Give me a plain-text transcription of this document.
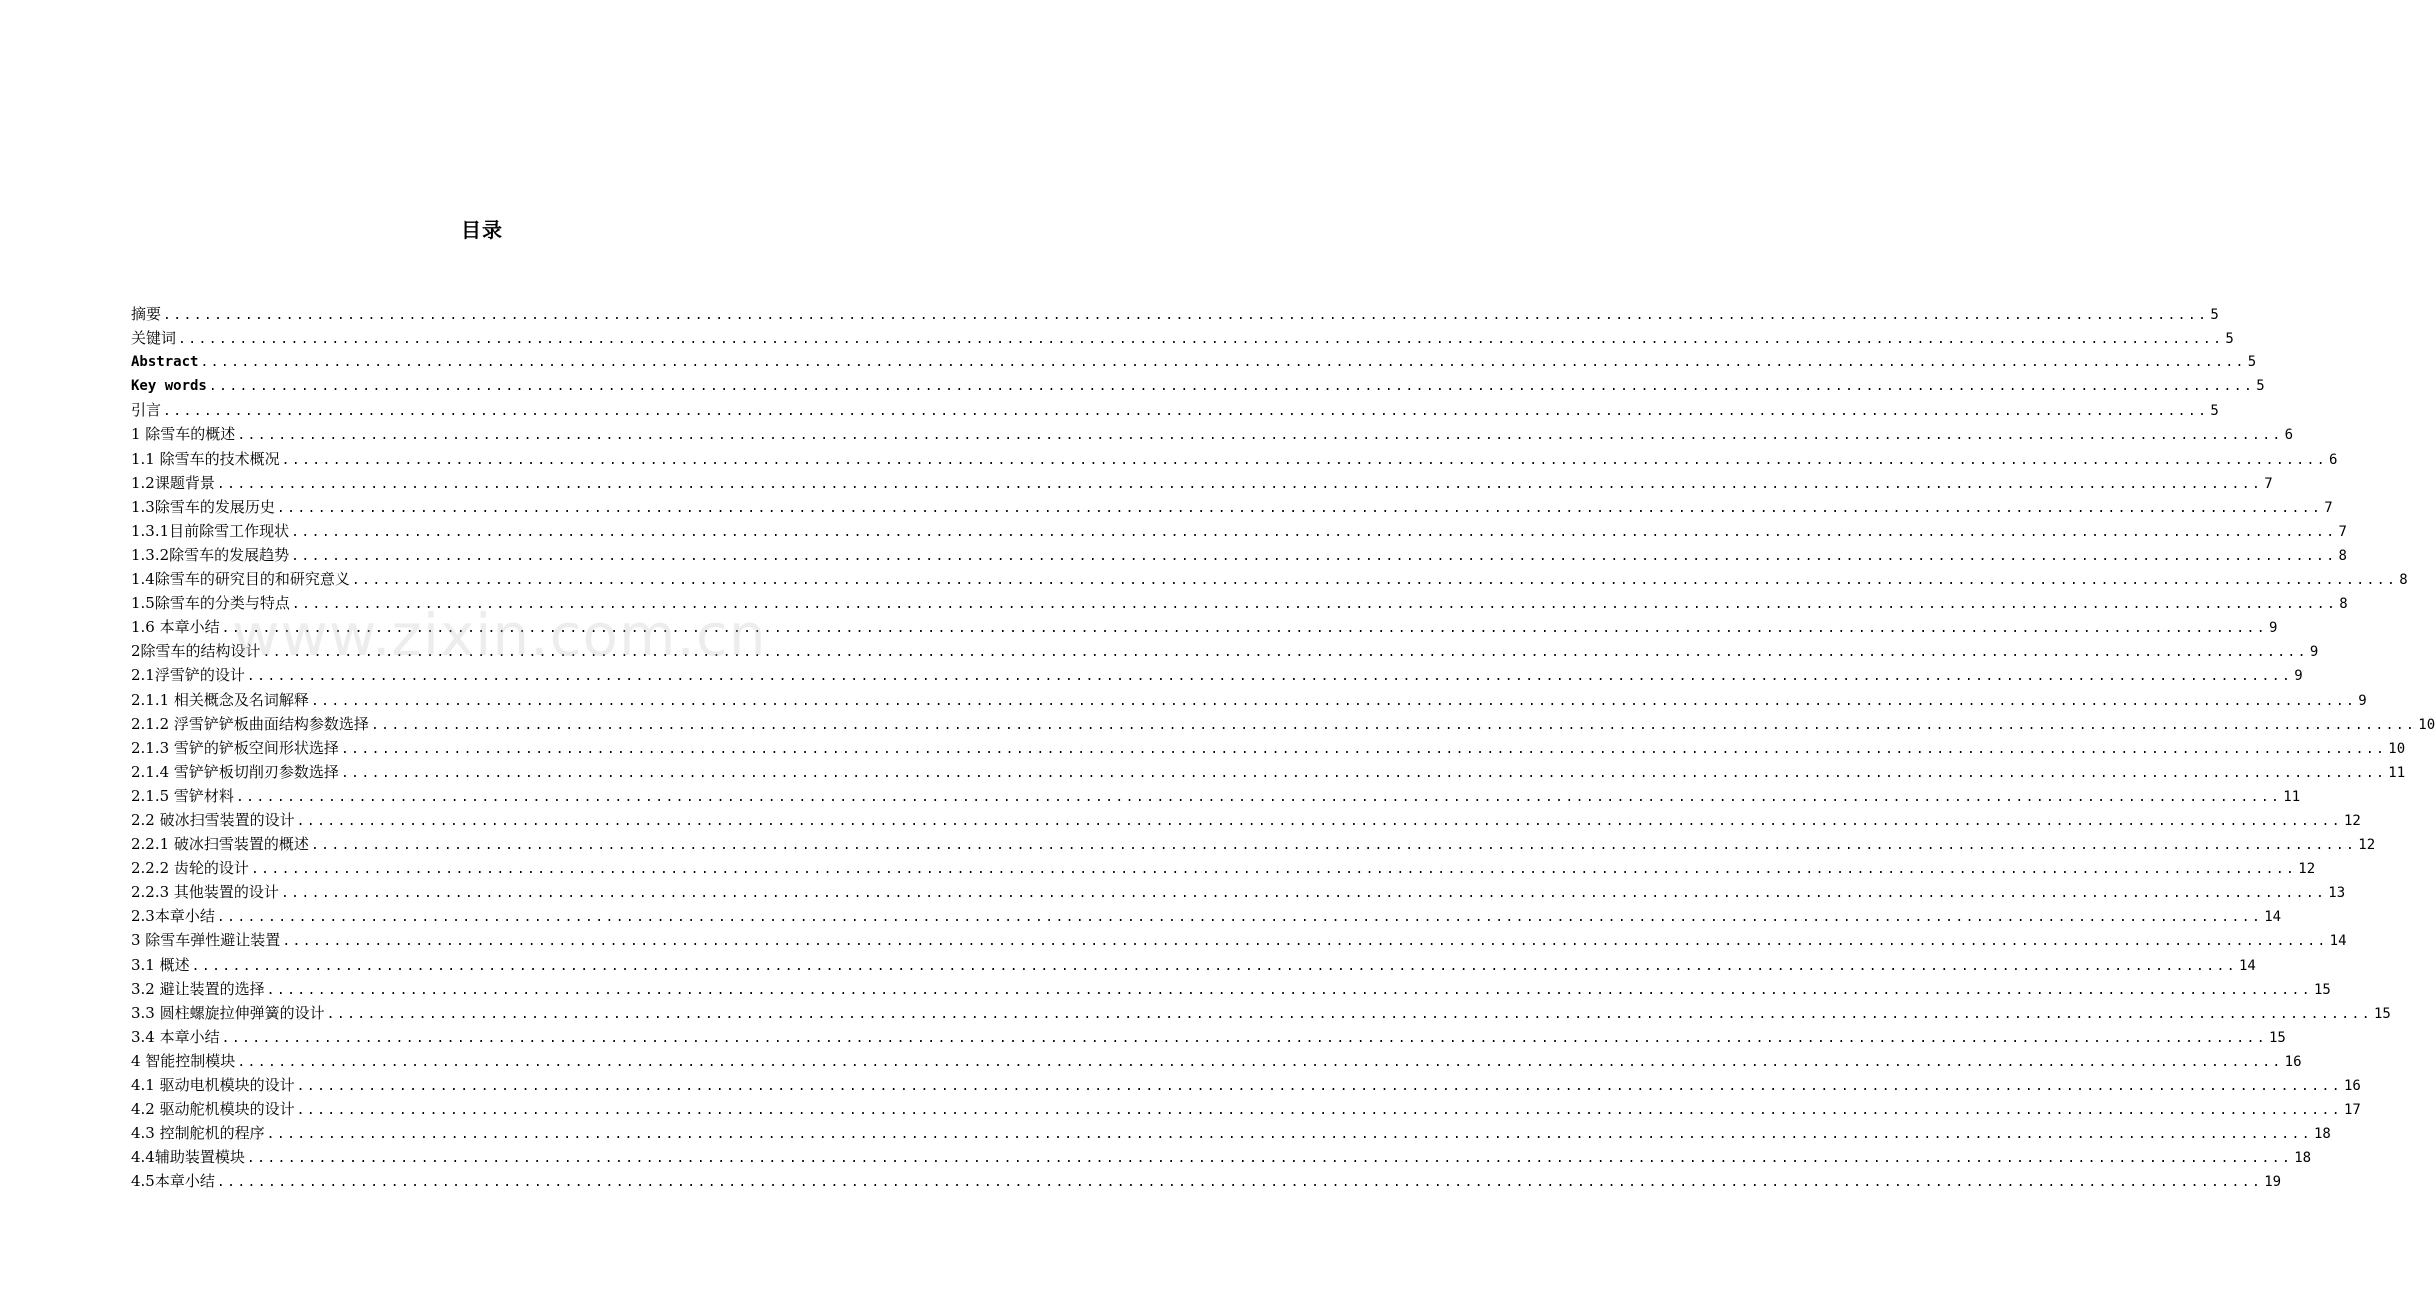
目录
摘要 ........................................................................................................................................................................................................ 5
关键词 ........................................................................................................................................................................................................ 5
Abstract ........................................................................................................................................................................................................ 5
Key words ........................................................................................................................................................................................................ 5
引言 ........................................................................................................................................................................................................ 5
1 除雪车的概述 ........................................................................................................................................................................................................ 6
1.1 除雪车的技术概况 ........................................................................................................................................................................................................ 6
1.2课题背景 ........................................................................................................................................................................................................ 7
1.3除雪车的发展历史 ........................................................................................................................................................................................................ 7
1.3.1目前除雪工作现状 ........................................................................................................................................................................................................ 7
1.3.2除雪车的发展趋势 ........................................................................................................................................................................................................ 8
1.4除雪车的研究目的和研究意义 ........................................................................................................................................................................................................ 8
1.5除雪车的分类与特点 ........................................................................................................................................................................................................ 8
1.6 本章小结 ........................................................................................................................................................................................................ 9
2除雪车的结构设计 ........................................................................................................................................................................................................ 9
2.1浮雪铲的设计 ........................................................................................................................................................................................................ 9
2.1.1 相关概念及名词解释 ........................................................................................................................................................................................................ 9
2.1.2 浮雪铲铲板曲面结构参数选择 ........................................................................................................................................................................................................ 10
2.1.3 雪铲的铲板空间形状选择 ........................................................................................................................................................................................................ 10
2.1.4 雪铲铲板切削刃参数选择 ........................................................................................................................................................................................................ 11
2.1.5 雪铲材料 ........................................................................................................................................................................................................ 11
2.2 破冰扫雪装置的设计 ........................................................................................................................................................................................................ 12
2.2.1 破冰扫雪装置的概述 ........................................................................................................................................................................................................ 12
2.2.2 齿轮的设计 ........................................................................................................................................................................................................ 12
2.2.3 其他装置的设计 ........................................................................................................................................................................................................ 13
2.3本章小结 ........................................................................................................................................................................................................ 14
3 除雪车弹性避让装置 ........................................................................................................................................................................................................ 14
3.1 概述 ........................................................................................................................................................................................................ 14
3.2 避让装置的选择 ........................................................................................................................................................................................................ 15
3.3 圆柱螺旋拉伸弹簧的设计 ........................................................................................................................................................................................................ 15
3.4 本章小结 ........................................................................................................................................................................................................ 15
4 智能控制模块 ........................................................................................................................................................................................................ 16
4.1 驱动电机模块的设计 ........................................................................................................................................................................................................ 16
4.2 驱动舵机模块的设计 ........................................................................................................................................................................................................ 17
4.3 控制舵机的程序 ........................................................................................................................................................................................................ 18
4.4辅助装置模块 ........................................................................................................................................................................................................ 18
4.5本章小结 ........................................................................................................................................................................................................ 19
www.zixin.com.cn
